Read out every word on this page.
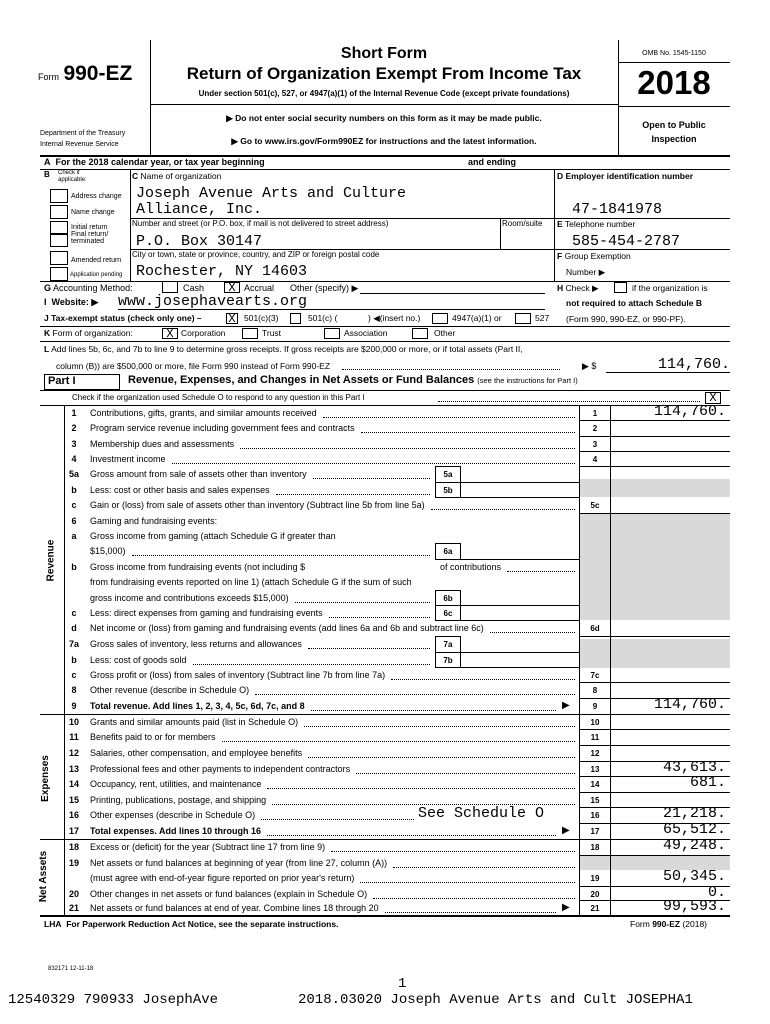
Form 990-EZ
Department of the Treasury
Internal Revenue Service
Short Form
Return of Organization Exempt From Income Tax
Under section 501(c), 527, or 4947(a)(1) of the Internal Revenue Code (except private foundations)
▶ Do not enter social security numbers on this form as it may be made public.
▶ Go to www.irs.gov/Form990EZ for instructions and the latest information.
OMB No. 1545-1150
2018
Open to Public
Inspection
A For the 2018 calendar year, or tax year beginning	and ending
B Check if
applicable:
Address change
Name change
Initial return
Final return/
terminated
Amended return
Application pending
C Name of organization
Joseph Avenue Arts and Culture
Alliance, Inc.
Number and street (or P.O. box, if mail is not delivered to street address)	Room/suite
P.O. Box 30147
City or town, state or province, country, and ZIP or foreign postal code
Rochester, NY 14603
D Employer identification number
47-1841978
E Telephone number
585-454-2787
F Group Exemption
Number ▶
G Accounting Method:	Cash	X Accrual Other (specify) ▶	H Check ▶	if the organization is
not required to attach Schedule B
(Form 990, 990-EZ, or 990-PF).
I Website: ▶ www.josephavearts.org
J Tax-exempt status (check only one) – X 501(c)(3)	501(c) (	) ◀(insert no.)	4947(a)(1) or	527
K Form of organization:	X Corporation	Trust	Association	Other
L Add lines 5b, 6c, and 7b to line 9 to determine gross receipts. If gross receipts are $200,000 or more, or if total assets (Part II,
column (B)) are $500,000 or more, file Form 990 instead of Form 990-EZ	▶ $	114,760.
Part I	Revenue, Expenses, and Changes in Net Assets or Fund Balances (see the instructions for Part I)
Check if the organization used Schedule O to respond to any question in this Part I	X
Revenue
Expenses
Net Assets
1	Contributions, gifts, grants, and similar amounts received	1	114,760.
2	Program service revenue including government fees and contracts	2
3	Membership dues and assessments	3
4	Investment income	4
5a	Gross amount from sale of assets other than inventory	5a
b	Less: cost or other basis and sales expenses	5b
c	Gain or (loss) from sale of assets other than inventory (Subtract line 5b from line 5a)	5c
6	Gaming and fundraising events:
a	Gross income from gaming (attach Schedule G if greater than
$15,000)	6a
b	Gross income from fundraising events (not including $	of contributions
from fundraising events reported on line 1) (attach Schedule G if the sum of such
gross income and contributions exceeds $15,000)	6b
c	Less: direct expenses from gaming and fundraising events	6c
d	Net income or (loss) from gaming and fundraising events (add lines 6a and 6b and subtract line 6c)	6d
7a	Gross sales of inventory, less returns and allowances	7a
b	Less: cost of goods sold	7b
c	Gross profit or (loss) from sales of inventory (Subtract line 7b from line 7a)	7c
8	Other revenue (describe in Schedule O)	8
9	Total revenue. Add lines 1, 2, 3, 4, 5c, 6d, 7c, and 8	9	114,760.
▶
10	Grants and similar amounts paid (list in Schedule O)	10
11	Benefits paid to or for members	11
12	Salaries, other compensation, and employee benefits	12
13	Professional fees and other payments to independent contractors	13	43,613.
14	Occupancy, rent, utilities, and maintenance	14	681.
15	Printing, publications, postage, and shipping	15
16	Other expenses (describe in Schedule O)	16	21,218.
See Schedule O
17	Total expenses. Add lines 10 through 16	17	65,512.
▶
18	Excess or (deficit) for the year (Subtract line 17 from line 9)	18	49,248.
19	Net assets or fund balances at beginning of year (from line 27, column (A))
(must agree with end-of-year figure reported on prior year's return)	19	50,345.
20	Other changes in net assets or fund balances (explain in Schedule O)	20	0.
21	Net assets or fund balances at end of year. Combine lines 18 through 20	21	99,593.
▶
LHA For Paperwork Reduction Act Notice, see the separate instructions.	Form 990-EZ (2018)
832171 12-11-18
1
12540329 790933 JosephAve	2018.03020 Joseph Avenue Arts and Cult JOSEPHA1
